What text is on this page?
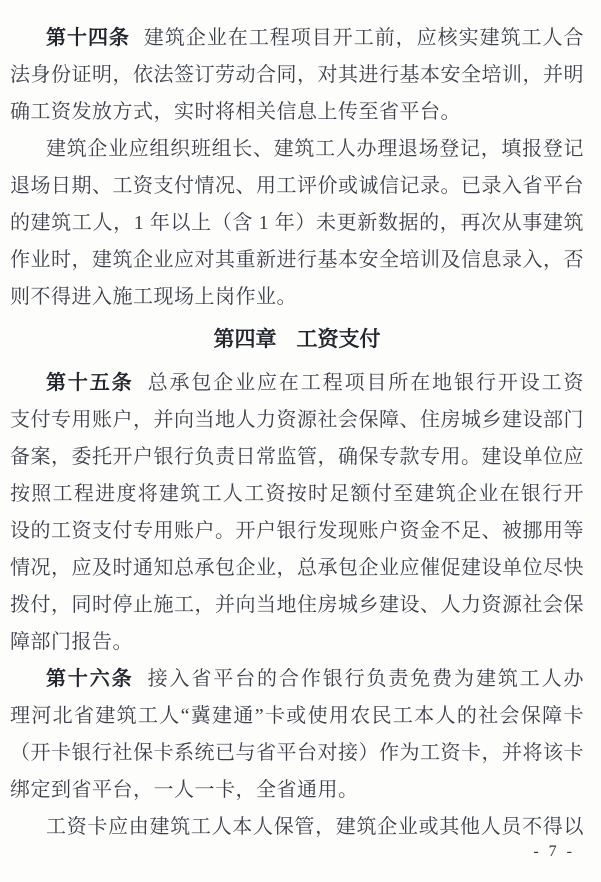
第十四条 建筑企业在工程项目开工前，应核实建筑工人合
法身份证明，依法签订劳动合同，对其进行基本安全培训，并明
确工资发放方式，实时将相关信息上传至省平台。
建筑企业应组织班组长、建筑工人办理退场登记，填报登记
退场日期、工资支付情况、用工评价或诚信记录。已录入省平台
的建筑工人，1 年以上（含 1 年）未更新数据的，再次从事建筑
作业时，建筑企业应对其重新进行基本安全培训及信息录入，否
则不得进入施工现场上岗作业。
第四章 工资支付
第十五条 总承包企业应在工程项目所在地银行开设工资
支付专用账户，并向当地人力资源社会保障、住房城乡建设部门
备案，委托开户银行负责日常监管，确保专款专用。建设单位应
按照工程进度将建筑工人工资按时足额付至建筑企业在银行开
设的工资支付专用账户。开户银行发现账户资金不足、被挪用等
情况，应及时通知总承包企业，总承包企业应催促建设单位尽快
拨付，同时停止施工，并向当地住房城乡建设、人力资源社会保
障部门报告。
第十六条 接入省平台的合作银行负责免费为建筑工人办
理河北省建筑工人“冀建通”卡或使用农民工本人的社会保障卡
（开卡银行社保卡系统已与省平台对接）作为工资卡，并将该卡
绑定到省平台，一人一卡，全省通用。
工资卡应由建筑工人本人保管，建筑企业或其他人员不得以
- 7 -
